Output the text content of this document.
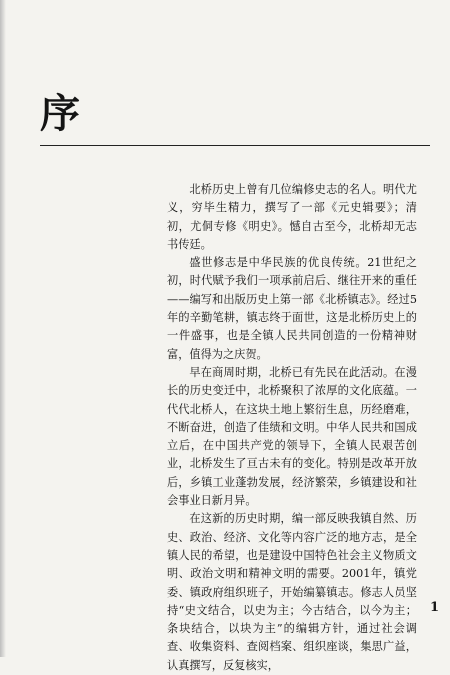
序

北桥历史上曾有几位编修史志的名人。明代尤义，穷毕生精力，撰写了一部《元史辑要》；清初，尤侗专修《明史》。憾自古至今，北桥却无志书传廷。

盛世修志是中华民族的优良传统。21世纪之初，时代赋予我们一项承前启后、继往开来的重任——编写和出版历史上第一部《北桥镇志》。经过5年的辛勤笔耕，镇志终于面世，这是北桥历史上的一件盛事，也是全镇人民共同创造的一份精神财富，值得为之庆贺。

早在商周时期，北桥已有先民在此活动。在漫长的历史变迁中，北桥聚积了浓厚的文化底蕴。一代代北桥人，在这块土地上繁衍生息，历经磨难，不断奋进，创造了佳绩和文明。中华人民共和国成立后，在中国共产党的领导下，全镇人民艰苦创业，北桥发生了亘古未有的变化。特别是改革开放后，乡镇工业蓬勃发展，经济繁荣，乡镇建设和社会事业日新月异。

在这新的历史时期，编一部反映我镇自然、历史、政治、经济、文化等内容广泛的地方志，是全镇人民的希望，也是建设中国特色社会主义物质文明、政治文明和精神文明的需要。2001年，镇党委、镇政府组织班子，开始编纂镇志。修志人员坚持“史文结合，以史为主；今古结合，以今为主；条块结合，以块为主”的编辑方针，通过社会调查、收集资料、查阅档案、组织座谈，集思广益，认真撰写，反复核实，

1
